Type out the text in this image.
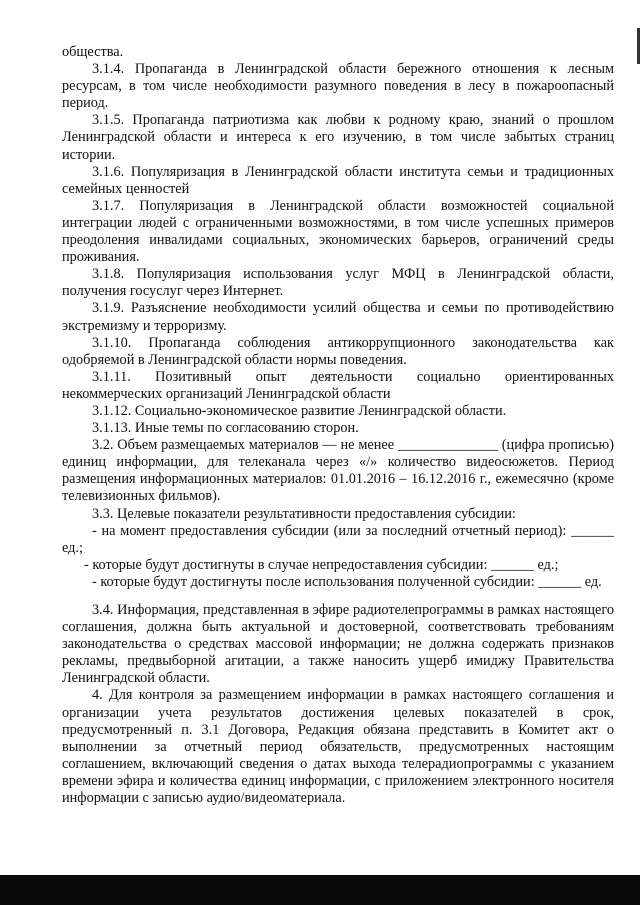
общества.

3.1.4. Пропаганда в Ленинградской области бережного отношения к лесным ресурсам, в том числе необходимости разумного поведения в лесу в пожароопасный период.

3.1.5. Пропаганда патриотизма как любви к родному краю, знаний о прошлом Ленинградской области и интереса к его изучению, в том числе забытых страниц истории.

3.1.6. Популяризация в Ленинградской области института семьи и традиционных семейных ценностей

3.1.7. Популяризация в Ленинградской области возможностей социальной интеграции людей с ограниченными возможностями, в том числе успешных примеров преодоления инвалидами социальных, экономических барьеров, ограничений среды проживания.

3.1.8. Популяризация использования услуг МФЦ в Ленинградской области, получения госуслуг через Интернет.

3.1.9. Разъяснение необходимости усилий общества и семьи по противодействию экстремизму и терроризму.

3.1.10. Пропаганда соблюдения антикоррупционного законодательства как одобряемой в Ленинградской области нормы поведения.

3.1.11. Позитивный опыт деятельности социально ориентированных некоммерческих организаций Ленинградской области

3.1.12. Социально-экономическое развитие Ленинградской области.

3.1.13. Иные темы по согласованию сторон.

3.2. Объем размещаемых материалов — не менее ______________ (цифра прописью) единиц информации, для телеканала через «/» количество видеосюжетов. Период размещения информационных материалов: 01.01.2016 – 16.12.2016 г., ежемесячно (кроме телевизионных фильмов).

3.3. Целевые показатели результативности предоставления субсидии:

- на момент предоставления субсидии (или за последний отчетный период): ______ ед.;

- которые будут достигнуты в случае непредоставления субсидии: ______ ед.;

- которые будут достигнуты после использования полученной субсидии: ______ ед.

3.4. Информация, представленная в эфире радиотелепрограммы в рамках настоящего соглашения, должна быть актуальной и достоверной, соответствовать требованиям законодательства о средствах массовой информации; не должна содержать признаков рекламы, предвыборной агитации, а также наносить ущерб имиджу Правительства Ленинградской области.

4. Для контроля за размещением информации в рамках настоящего соглашения и организации учета результатов достижения целевых показателей в срок, предусмотренный п. 3.1 Договора, Редакция обязана представить в Комитет акт о выполнении за отчетный период обязательств, предусмотренных настоящим соглашением, включающий сведения о датах выхода телерадиопрограммы с указанием времени эфира и количества единиц информации, с приложением электронного носителя информации с записью аудио/видеоматериала.
